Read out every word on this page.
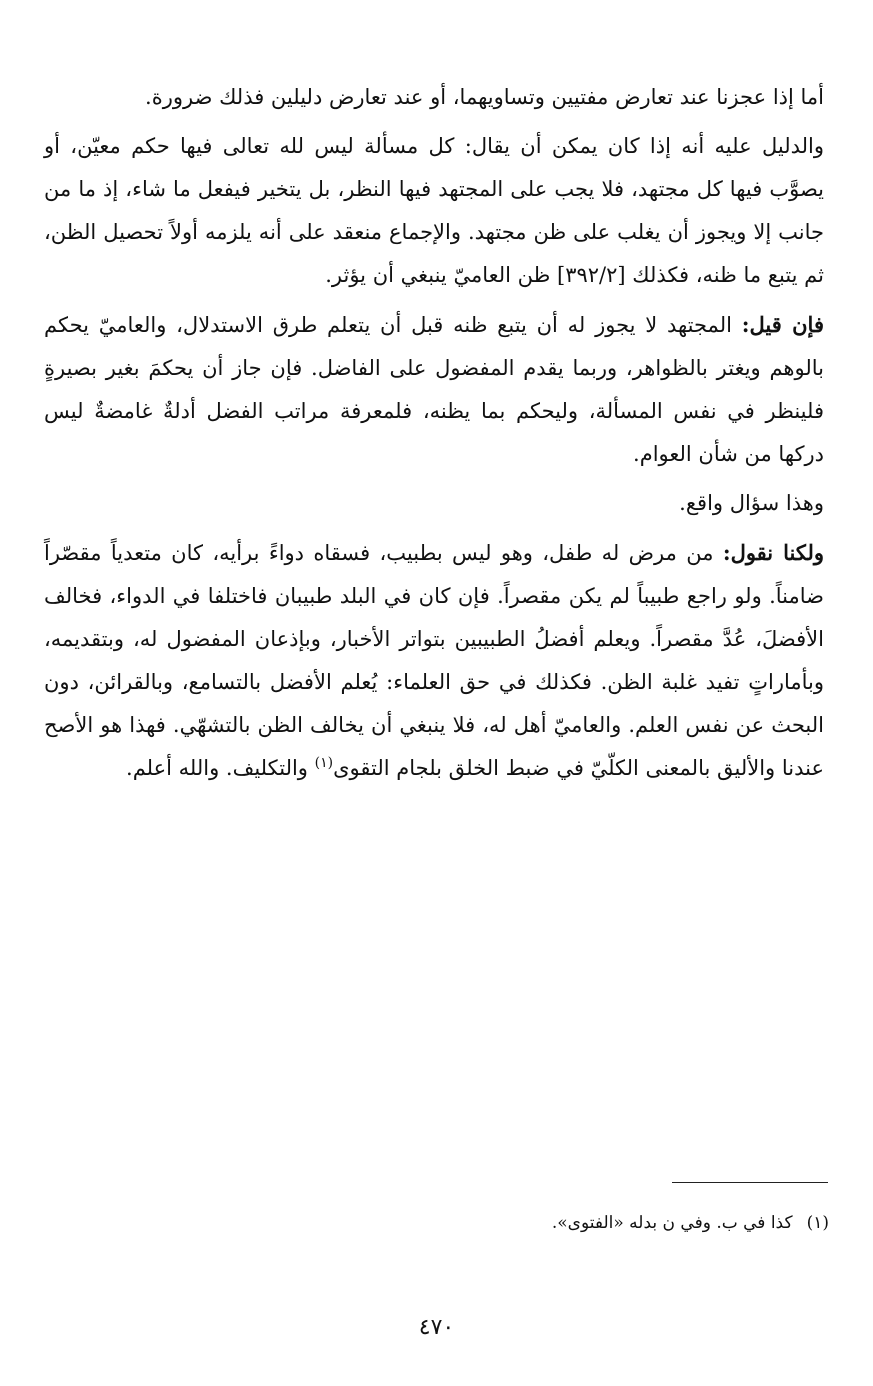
أما إذا عجزنا عند تعارض مفتيين وتساويهما، أو عند تعارض دليلين فذلك ضرورة.

والدليل عليه أنه إذا كان يمكن أن يقال: كل مسألة ليس لله تعالى فيها حكم معيّن، أو يصوَّب فيها كل مجتهد، فلا يجب على المجتهد فيها النظر، بل يتخير فيفعل ما شاء، إذ ما من جانب إلا ويجوز أن يغلب على ظن مجتهد. والإجماع منعقد على أنه يلزمه أولاً تحصيل الظن، ثم يتبع ما ظنه، فكذلك [٣٩٢/٢] ظن العاميّ ينبغي أن يؤثر.

فإن قيل: المجتهد لا يجوز له أن يتبع ظنه قبل أن يتعلم طرق الاستدلال، والعاميّ يحكم بالوهم ويغتر بالظواهر، وربما يقدم المفضول على الفاضل. فإن جاز أن يحكمَ بغير بصيرةٍ فلينظر في نفس المسألة، وليحكم بما يظنه، فلمعرفة مراتب الفضل أدلةٌ غامضةٌ ليس دركها من شأن العوام.

وهذا سؤال واقع.

ولكنا نقول: من مرض له طفل، وهو ليس بطبيب، فسقاه دواءً برأيه، كان متعدياً مقصّراً ضامناً. ولو راجع طبيباً لم يكن مقصراً. فإن كان في البلد طبيبان فاختلفا في الدواء، فخالف الأفضلَ، عُدَّ مقصراً. ويعلم أفضلُ الطبيبين بتواتر الأخبار، وبإذعان المفضول له، وبتقديمه، وبأماراتٍ تفيد غلبة الظن. فكذلك في حق العلماء: يُعلم الأفضل بالتسامع، وبالقرائن، دون البحث عن نفس العلم. والعاميّ أهل له، فلا ينبغي أن يخالف الظن بالتشهّي. فهذا هو الأصح عندنا والأليق بالمعنى الكلّيّ في ضبط الخلق بلجام التقوى$^{(١)}$ والتكليف. والله أعلم.

(١)كذا في ب. وفي ن بدله «الفتوى».
٤٧٠
